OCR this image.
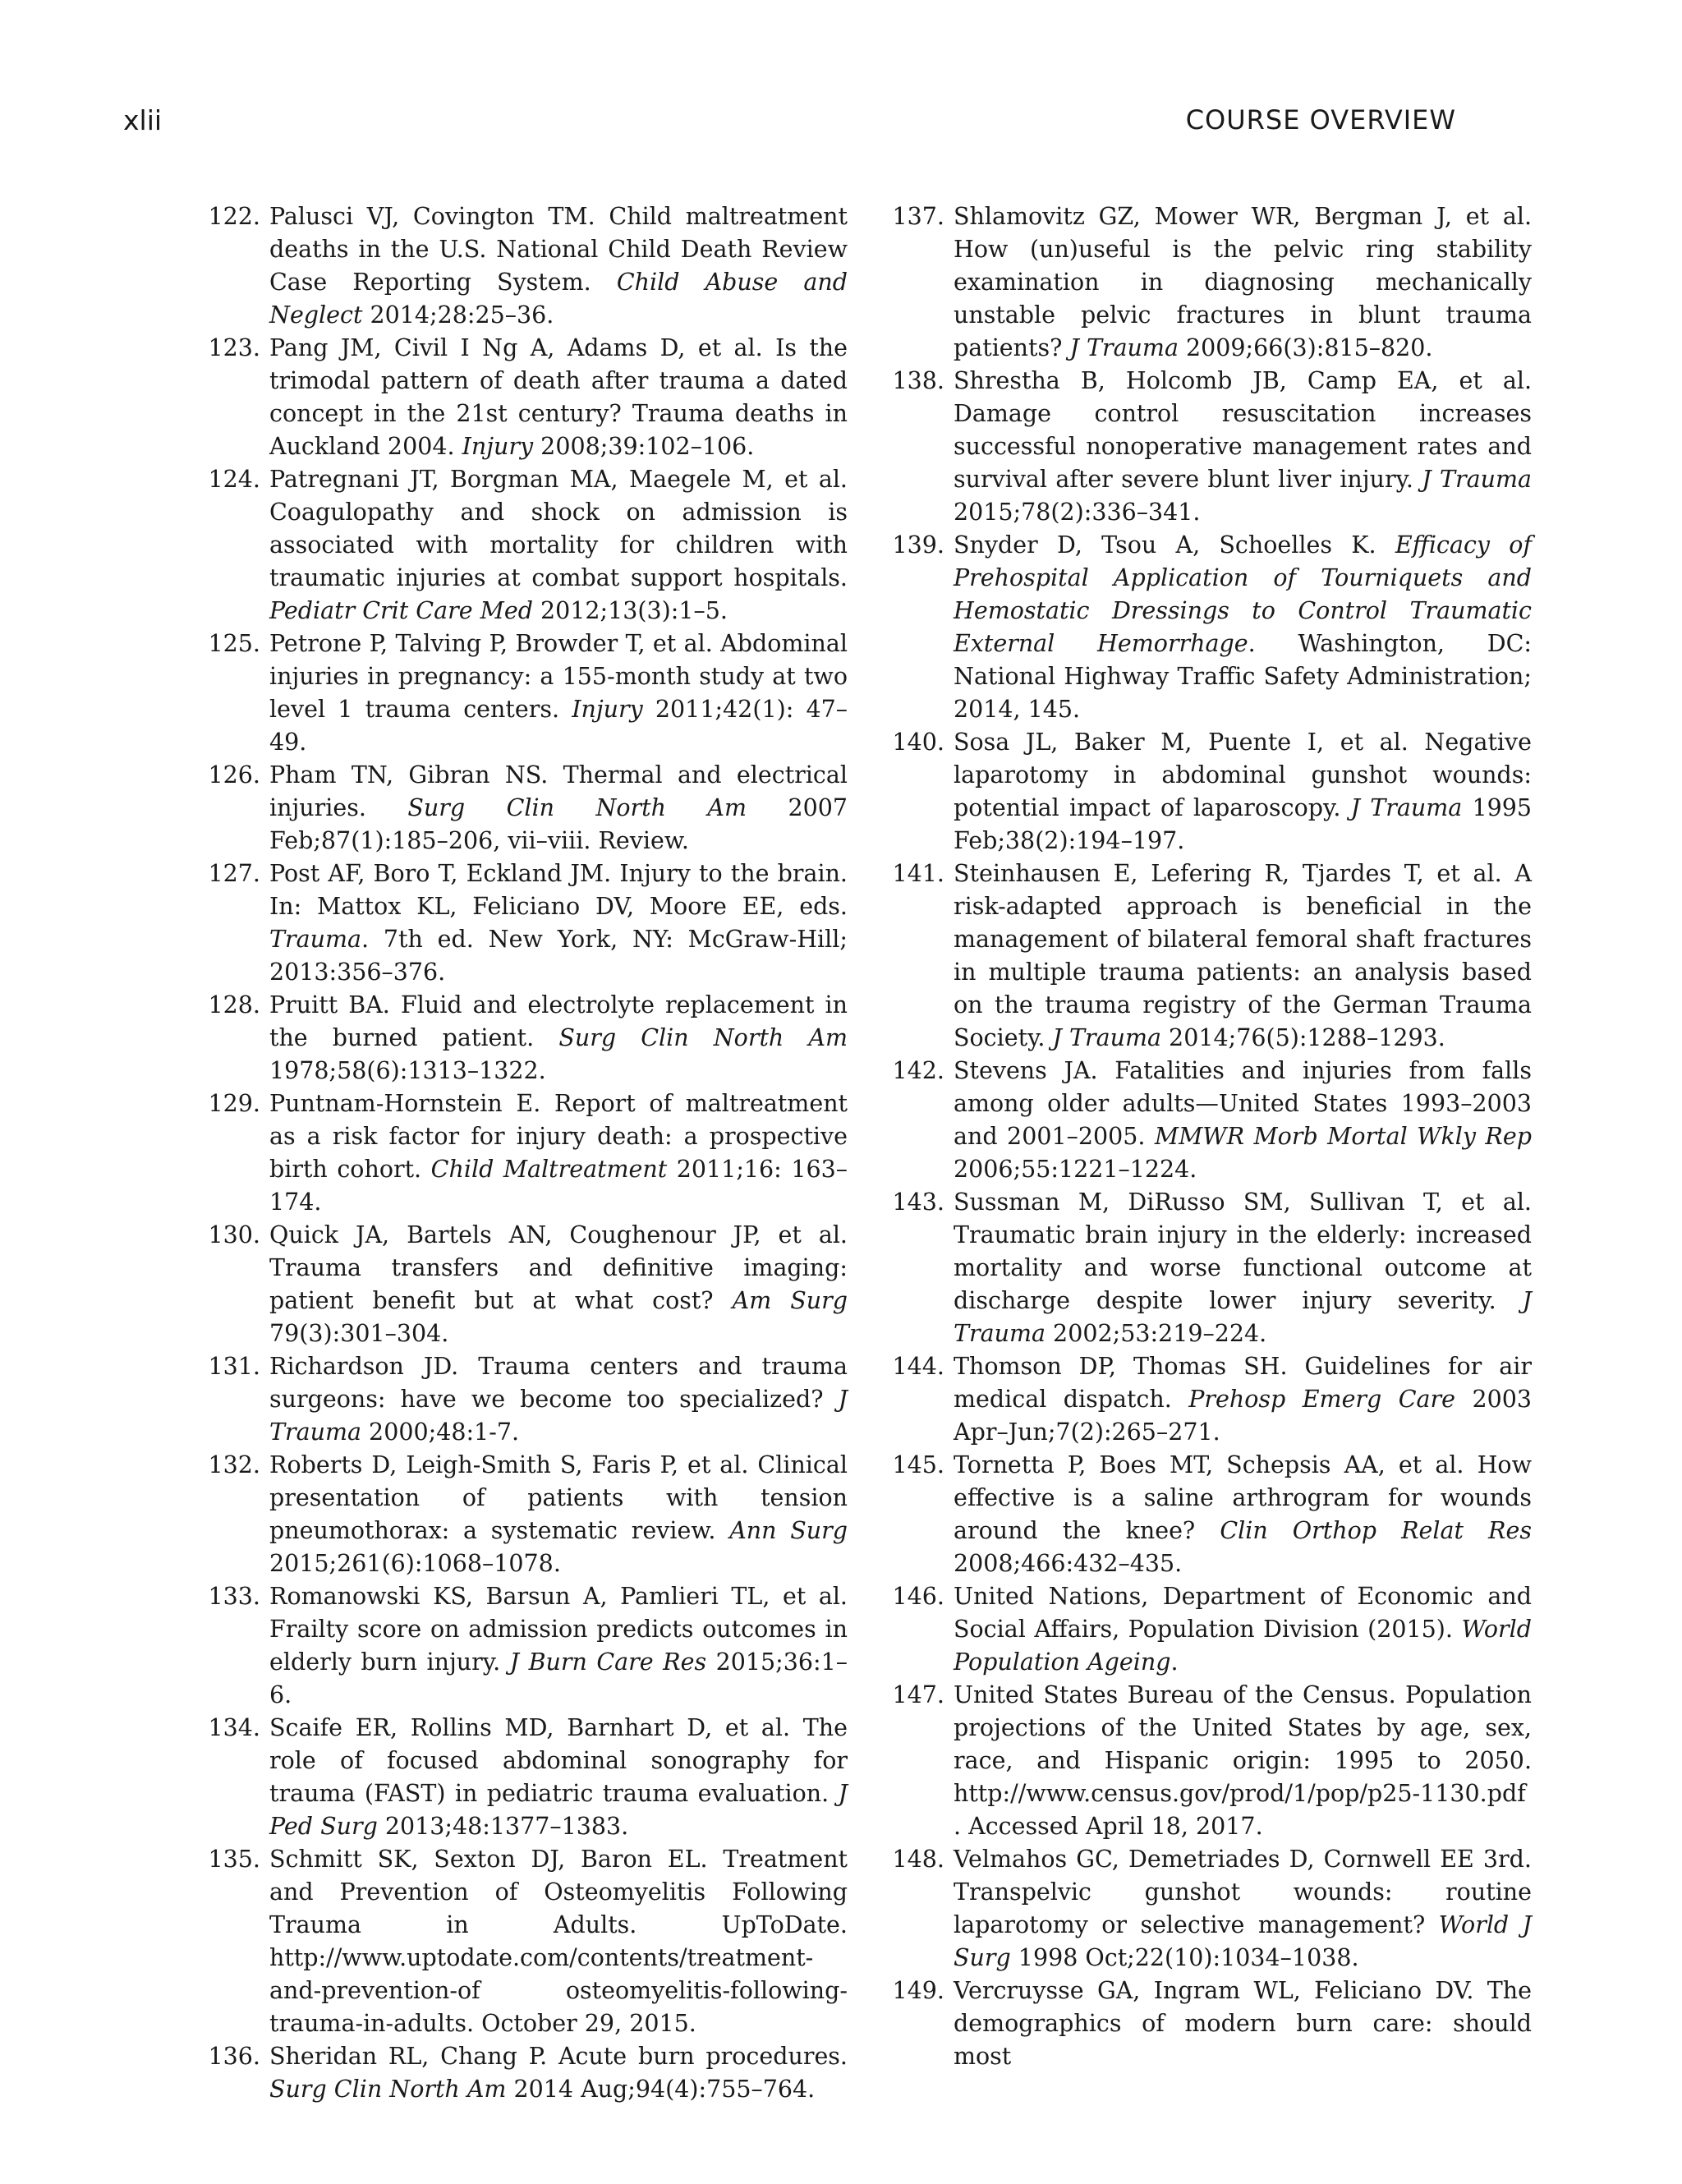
xlii	COURSE OVERVIEW
122. Palusci VJ, Covington TM. Child maltreatment deaths in the U.S. National Child Death Review Case Reporting System. Child Abuse and Neglect 2014;28:25–36.
123. Pang JM, Civil I Ng A, Adams D, et al. Is the trimodal pattern of death after trauma a dated concept in the 21st century? Trauma deaths in Auckland 2004. Injury 2008;39:102–106.
124. Patregnani JT, Borgman MA, Maegele M, et al. Coagulopathy and shock on admission is associated with mortality for children with traumatic injuries at combat support hospitals. Pediatr Crit Care Med 2012;13(3):1–5.
125. Petrone P, Talving P, Browder T, et al. Abdominal injuries in pregnancy: a 155-month study at two level 1 trauma centers. Injury 2011;42(1): 47–49.
126. Pham TN, Gibran NS. Thermal and electrical injuries. Surg Clin North Am 2007 Feb;87(1):185–206, vii–viii. Review.
127. Post AF, Boro T, Eckland JM. Injury to the brain. In: Mattox KL, Feliciano DV, Moore EE, eds. Trauma. 7th ed. New York, NY: McGraw-Hill; 2013:356–376.
128. Pruitt BA. Fluid and electrolyte replacement in the burned patient. Surg Clin North Am 1978;58(6):1313–1322.
129. Puntnam-Hornstein E. Report of maltreatment as a risk factor for injury death: a prospective birth cohort. Child Maltreatment 2011;16: 163–174.
130. Quick JA, Bartels AN, Coughenour JP, et al. Trauma transfers and definitive imaging: patient benefit but at what cost? Am Surg 79(3):301–304.
131. Richardson JD. Trauma centers and trauma surgeons: have we become too specialized? J Trauma 2000;48:1-7.
132. Roberts D, Leigh-Smith S, Faris P, et al. Clinical presentation of patients with tension pneumothorax: a systematic review. Ann Surg 2015;261(6):1068–1078.
133. Romanowski KS, Barsun A, Pamlieri TL, et al. Frailty score on admission predicts outcomes in elderly burn injury. J Burn Care Res 2015;36:1–6.
134. Scaife ER, Rollins MD, Barnhart D, et al. The role of focused abdominal sonography for trauma (FAST) in pediatric trauma evaluation. J Ped Surg 2013;48:1377–1383.
135. Schmitt SK, Sexton DJ, Baron EL. Treatment and Prevention of Osteomyelitis Following Trauma in Adults. UpToDate. http://www.uptodate.​com/contents/treatment-and-prevention-of​ osteomyelitis-following-trauma-in-adults. October 29, 2015.
136. Sheridan RL, Chang P. Acute burn procedures. Surg Clin North Am 2014 Aug;94(4):755–764.
137. Shlamovitz GZ, Mower WR, Bergman J, et al. How (un)useful is the pelvic ring stability examination in diagnosing mechanically unstable pelvic fractures in blunt trauma patients? J Trauma 2009;66(3):815–820.
138. Shrestha B, Holcomb JB, Camp EA, et al. Damage control resuscitation increases successful nonoperative management rates and survival after severe blunt liver injury. J Trauma 2015;78(2):336–341.
139. Snyder D, Tsou A, Schoelles K. Efficacy of Prehospital Application of Tourniquets and Hemostatic Dressings to Control Traumatic External Hemorrhage. Washington, DC: National Highway Traffic Safety Administration; 2014, 145.
140. Sosa JL, Baker M, Puente I, et al. Negative laparotomy in abdominal gunshot wounds: potential impact of laparoscopy. J Trauma 1995 Feb;38(2):194–197.
141. Steinhausen E, Lefering R, Tjardes T, et al. A risk-adapted approach is beneficial in the management of bilateral femoral shaft fractures in multiple trauma patients: an analysis based on the trauma registry of the German Trauma Society. J Trauma 2014;76(5):1288–1293.
142. Stevens JA. Fatalities and injuries from falls among older adults—United States 1993–2003 and 2001–2005. MMWR Morb Mortal Wkly Rep 2006;55:1221–1224.
143. Sussman M, DiRusso SM, Sullivan T, et al. Traumatic brain injury in the elderly: increased mortality and worse functional outcome at discharge despite lower injury severity. J Trauma 2002;53:219–224.
144. Thomson DP, Thomas SH. Guidelines for air medical dispatch. Prehosp Emerg Care 2003 Apr–Jun;7(2):265–271.
145. Tornetta P, Boes MT, Schepsis AA, et al. How effective is a saline arthrogram for wounds around the knee? Clin Orthop Relat Res 2008;466:432–435.
146. United Nations, Department of Economic and Social Affairs, Population Division (2015). World Population Ageing.
147. United States Bureau of the Census. Population projections of the United States by age, sex, race, and Hispanic origin: 1995 to 2050. http://www.​census.gov/prod/1/pop/p25-1130.pdf . Accessed April 18, 2017.
148. Velmahos GC, Demetriades D, Cornwell EE 3rd. Transpelvic gunshot wounds: routine laparotomy or selective management? World J Surg 1998 Oct;22(10):1034–1038.
149. Vercruysse GA, Ingram WL, Feliciano DV. The demographics of modern burn care: should most
